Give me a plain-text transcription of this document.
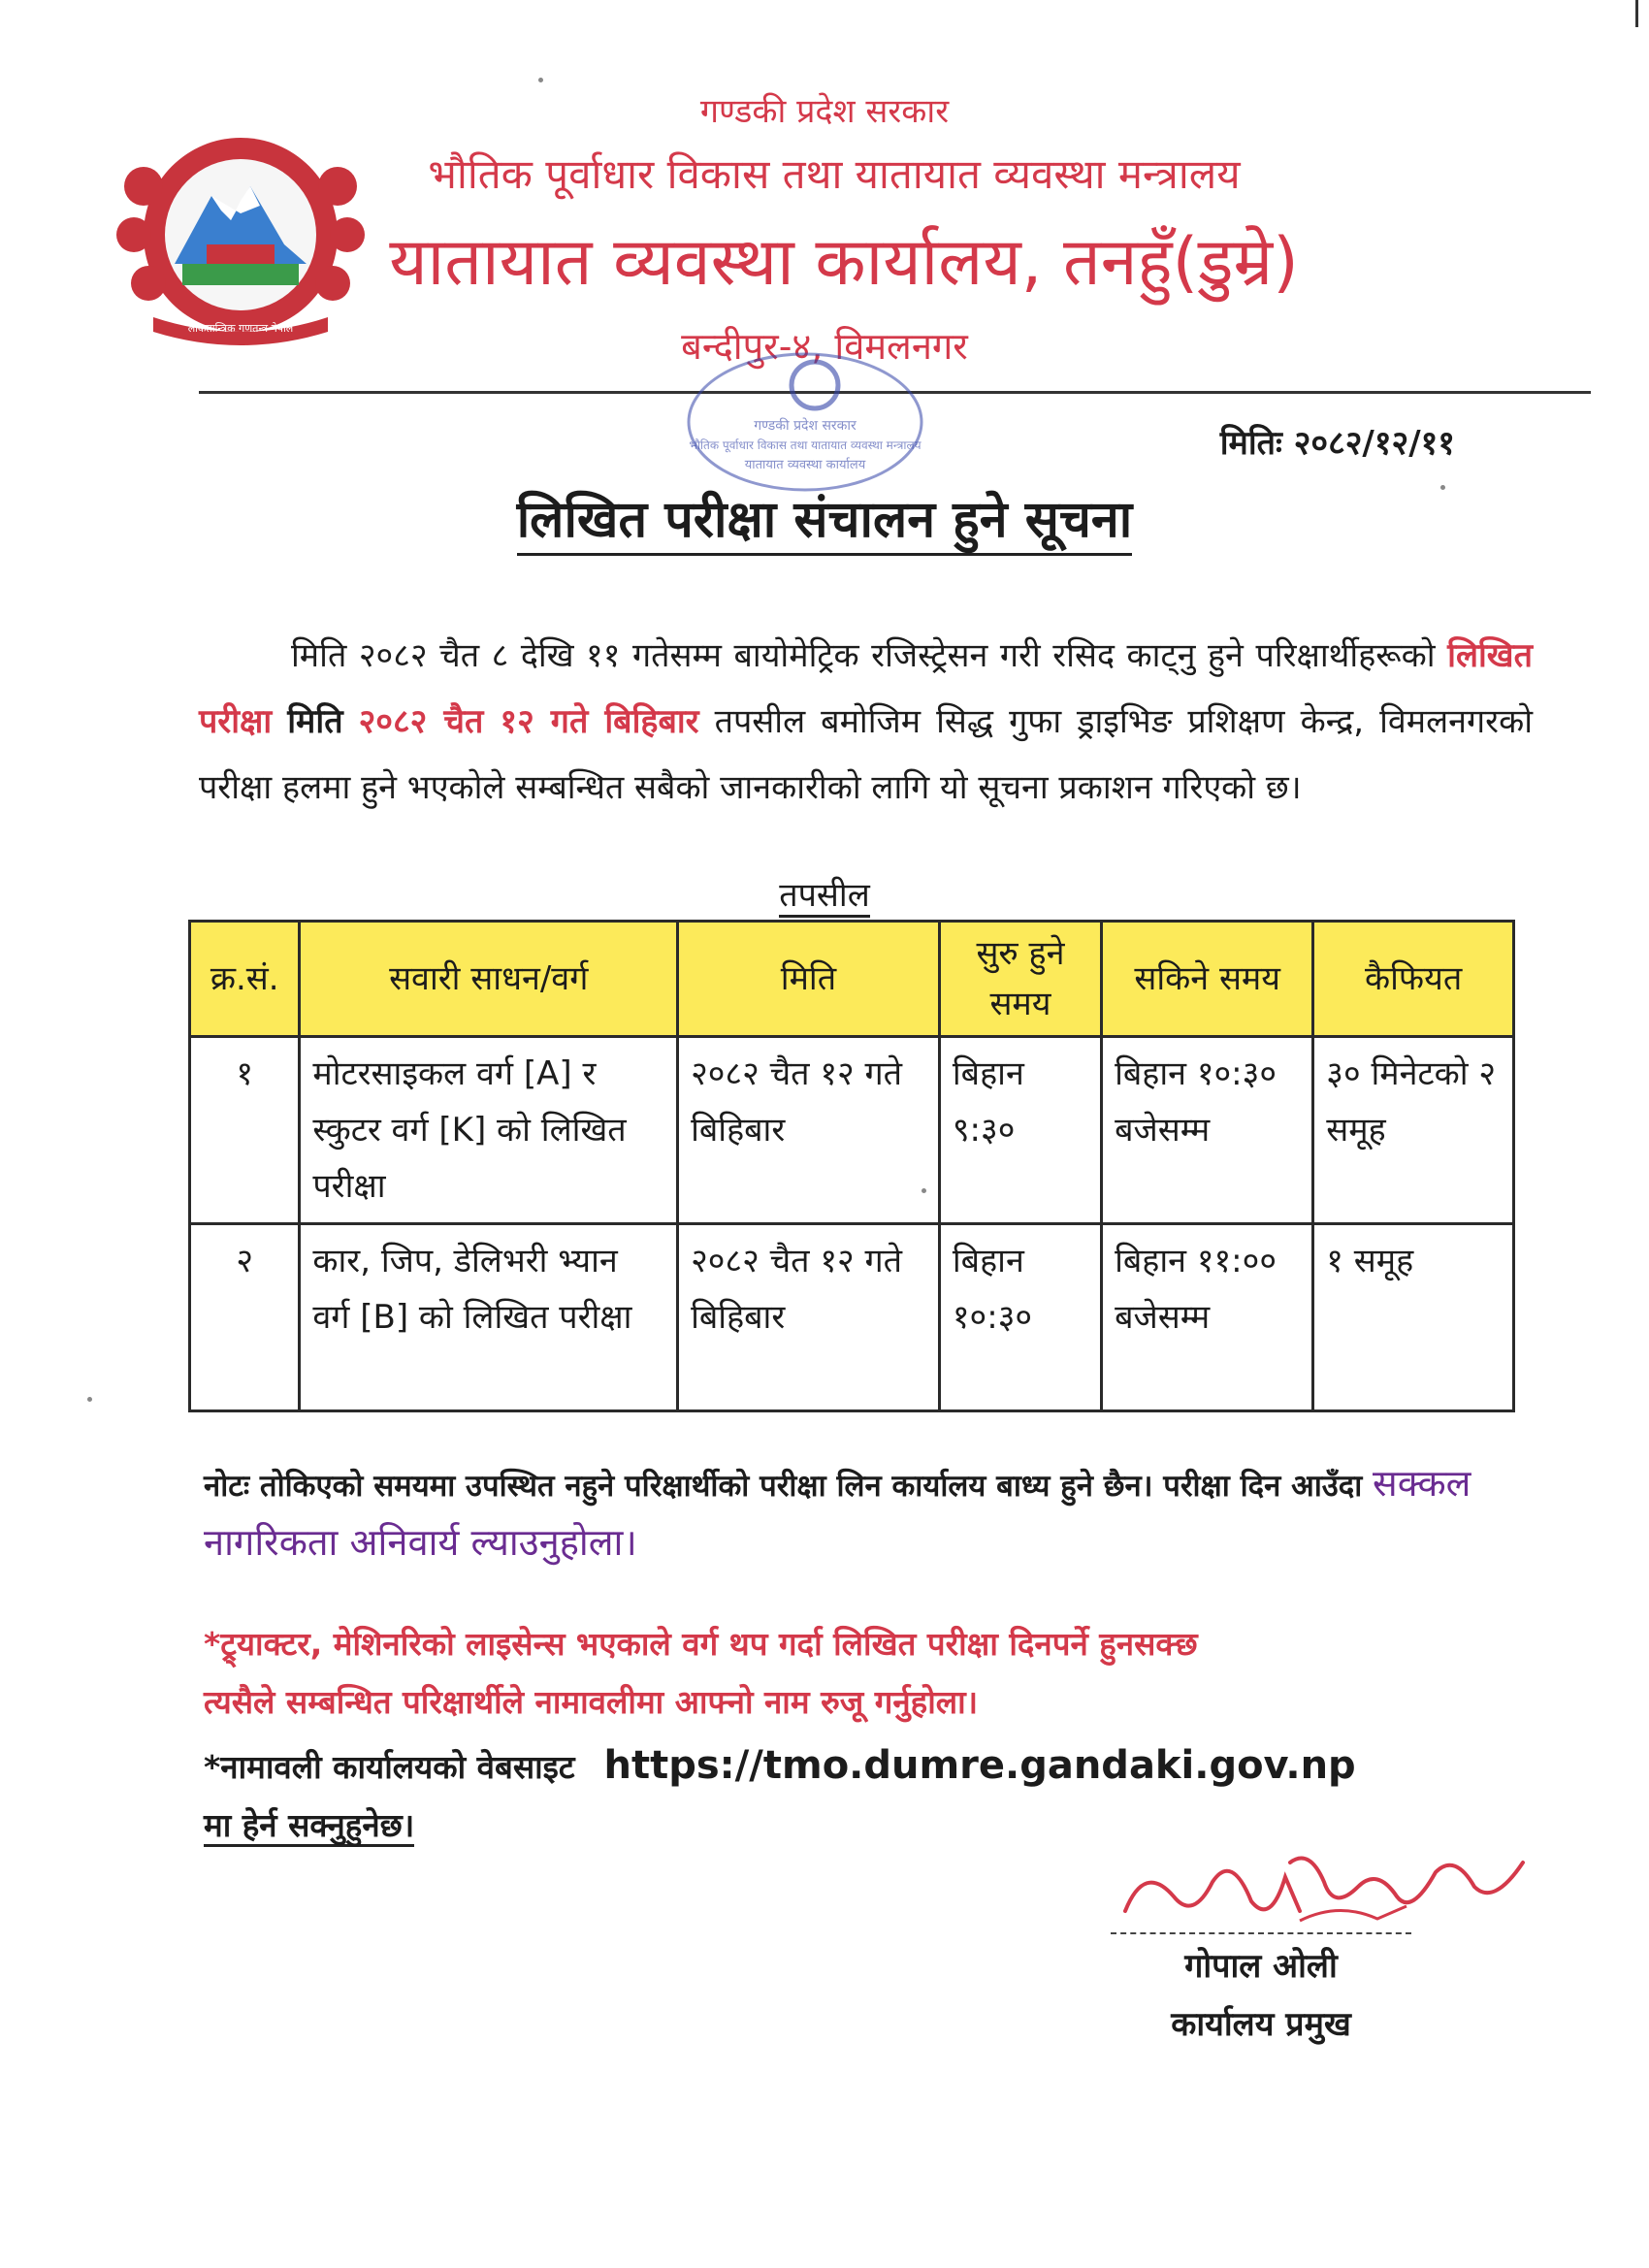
गण्डकी प्रदेश सरकार
भौतिक पूर्वाधार विकास तथा यातायात व्यवस्था मन्त्रालय
यातायात व्यवस्था कार्यालय, तनहुँ(डुम्रे)
बन्दीपुर-४, विमलनगर
लोकतान्त्रिक गणतन्त्र नेपाल
गण्डकी प्रदेश सरकार
भौतिक पूर्वाधार विकास तथा यातायात व्यवस्था मन्त्रालय
यातायात व्यवस्था कार्यालय
मितिः २०८२/१२/११
लिखित परीक्षा संचालन हुने सूचना
मिति २०८२ चैत ८ देखि ११ गतेसम्म बायोमेट्रिक रजिस्ट्रेसन गरी रसिद काट्नु हुने परिक्षार्थीहरूको लिखित परीक्षा मिति २०८२ चैत १२ गते बिहिबार तपसील बमोजिम सिद्ध गुफा ड्राइभिङ प्रशिक्षण केन्द्र, विमलनगरको परीक्षा हलमा हुने भएकोले सम्बन्धित सबैको जानकारीको लागि यो सूचना प्रकाशन गरिएको छ।
तपसील
क्र.सं.	सवारी साधन/वर्ग	मिति	सुरु हुने समय	सकिने समय	कैफियत
१	मोटरसाइकल वर्ग [A] र स्कुटर वर्ग [K] को लिखित परीक्षा	२०८२ चैत १२ गते बिहिबार	बिहान ९:३०	बिहान १०:३० बजेसम्म	३० मिनेटको २ समूह
२	कार, जिप, डेलिभरी भ्यान वर्ग [B] को लिखित परीक्षा	२०८२ चैत १२ गते बिहिबार	बिहान १०:३०	बिहान ११:०० बजेसम्म	१ समूह
नोटः तोकिएको समयमा उपस्थित नहुने परिक्षार्थीको परीक्षा लिन कार्यालय बाध्य हुने छैन। परीक्षा दिन आउँदा सक्कल नागरिकता अनिवार्य ल्याउनुहोला।
*ट्र्याक्टर, मेशिनरिको लाइसेन्स भएकाले वर्ग थप गर्दा लिखित परीक्षा दिनपर्ने हुनसक्छ
त्यसैले सम्बन्धित परिक्षार्थीले नामावलीमा आफ्नो नाम रुजू गर्नुहोला।
*नामावली कार्यालयको वेबसाइट https://tmo.dumre.gandaki.gov.np
मा हेर्न सक्नुहुनेछ।
गोपाल ओली
कार्यालय प्रमुख
